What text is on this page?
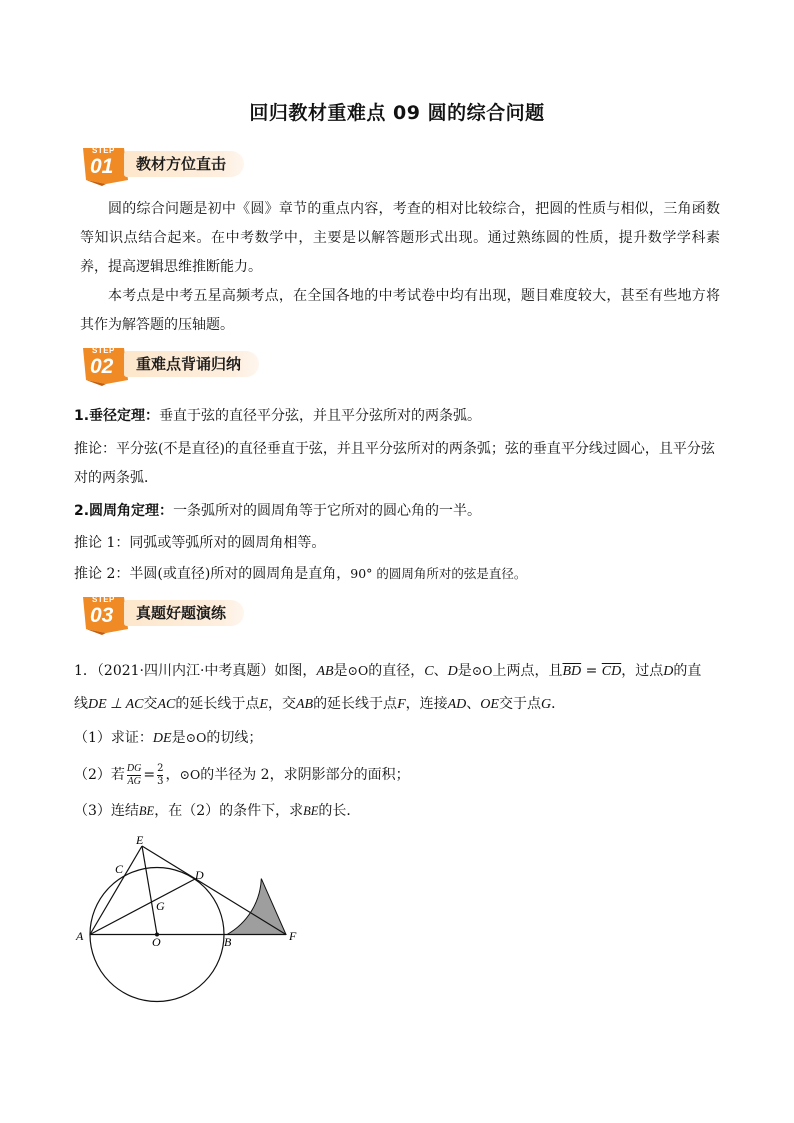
回归教材重难点 09 圆的综合问题
STEP
01	教材方位直击
圆的综合问题是初中《圆》章节的重点内容，考查的相对比较综合，把圆的性质与相似，三角函数等知识点结合起来。在中考数学中，主要是以解答题形式出现。通过熟练圆的性质，提升数学学科素养，提高逻辑思维推断能力。
本考点是中考五星高频考点，在全国各地的中考试卷中均有出现，题目难度较大，甚至有些地方将其作为解答题的压轴题。
STEP
02	重难点背诵归纳
1.垂径定理：垂直于弦的直径平分弦，并且平分弦所对的两条弧。
推论：平分弦(不是直径)的直径垂直于弦，并且平分弦所对的两条弧；弦的垂直平分线过圆心，且平分弦
对的两条弧．
2.圆周角定理：一条弧所对的圆周角等于它所对的圆心角的一半。
推论 1：同弧或等弧所对的圆周角相等。
推论 2：半圆(或直径)所对的圆周角是直角，90° 的圆周角所对的弦是直径。
STEP
03	真题好题演练
1．（2021·四川内江·中考真题）如图，AB是⊙O的直径，C、D是⊙O上两点，且$\overline{BD} = \overline{CD}$，过点D的直
线DE ⊥ AC交AC的延长线于点E，交AB的延长线于点F，连接AD、OE交于点G．
（1）求证：DE是⊙O的切线；
（2）若 $\frac{DG}{AG} = \frac{2}{3}$ ，⊙O的半径为 2，求阴影部分的面积；
（3）连结BE，在（2）的条件下，求BE的长．
E
C	D
G
A	O	B	F
